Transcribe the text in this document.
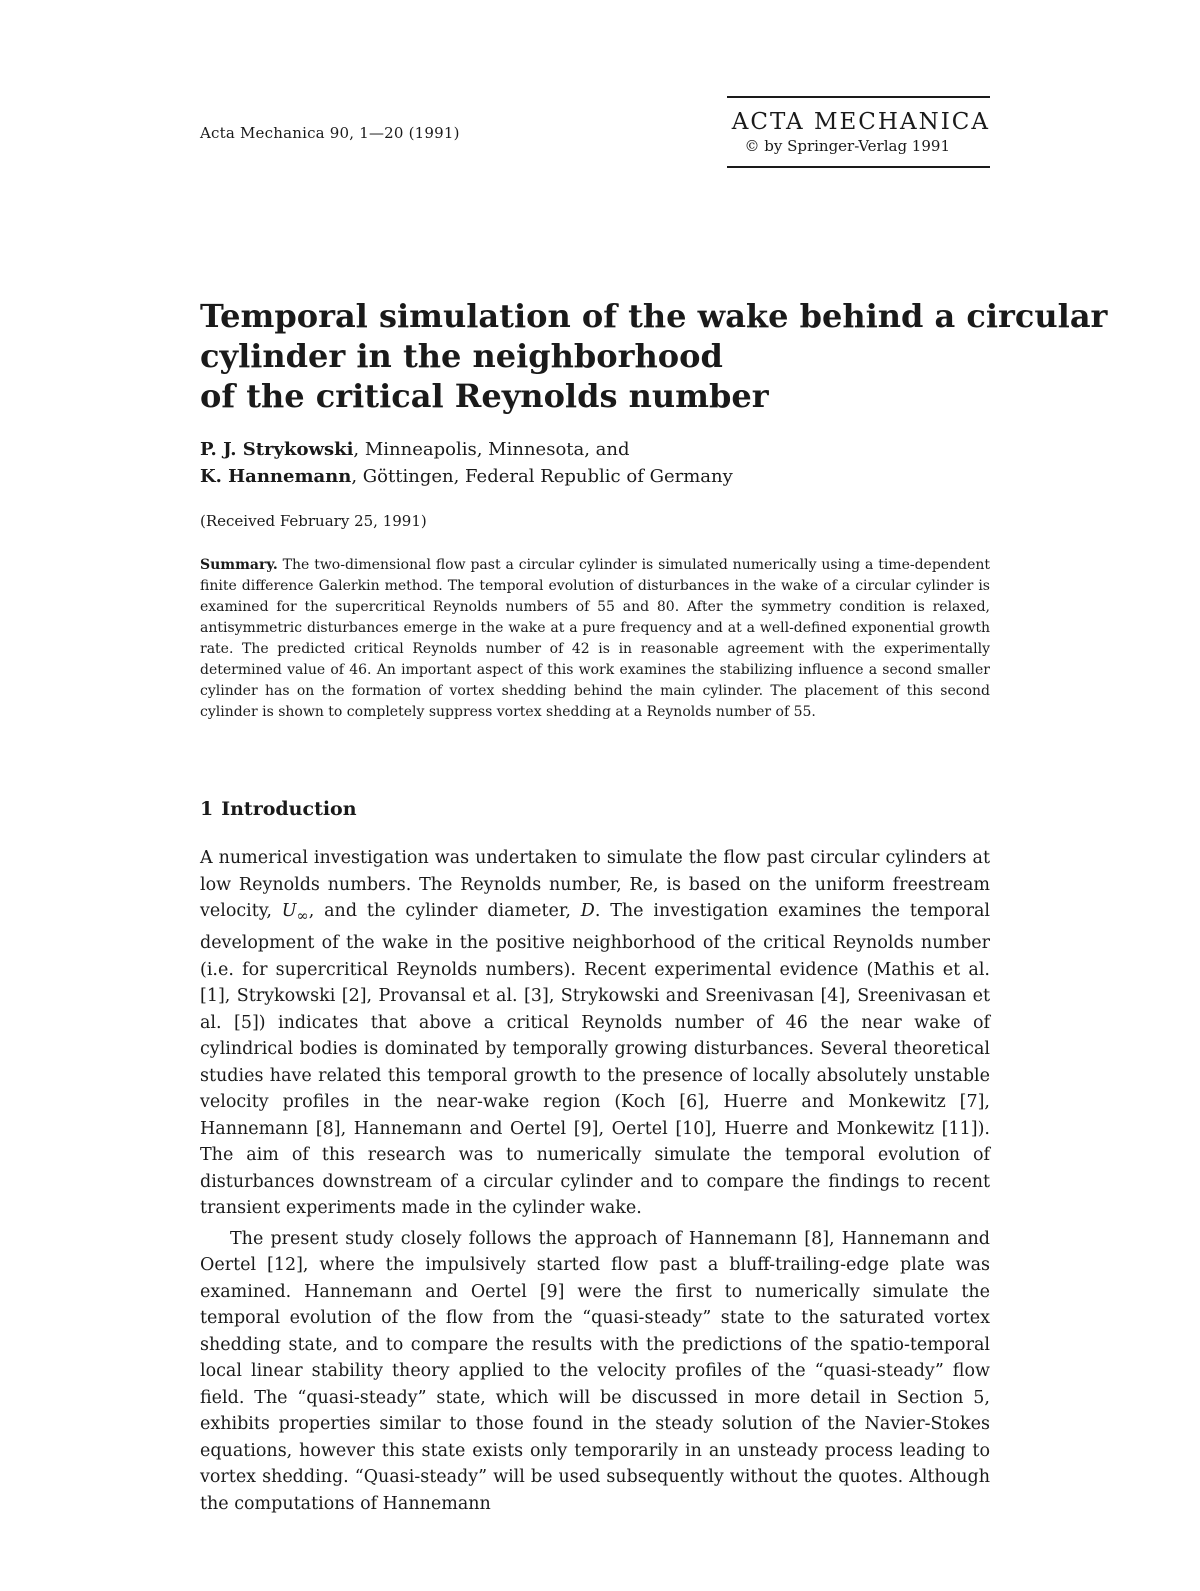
Acta Mechanica 90, 1—20 (1991)	ACTA MECHANICA
© by Springer-Verlag 1991
Temporal simulation of the wake behind a circular
cylinder in the neighborhood
of the critical Reynolds number
P. J. Strykowski, Minneapolis, Minnesota, and
K. Hannemann, Göttingen, Federal Republic of Germany
(Received February 25, 1991)

Summary. The two-dimensional flow past a circular cylinder is simulated numerically using a time-dependent finite difference Galerkin method. The temporal evolution of disturbances in the wake of a circular cylinder is examined for the supercritical Reynolds numbers of 55 and 80. After the symmetry condition is relaxed, antisymmetric disturbances emerge in the wake at a pure frequency and at a well-defined exponential growth rate. The predicted critical Reynolds number of 42 is in reasonable agreement with the experimentally determined value of 46. An important aspect of this work examines the stabilizing influence a second smaller cylinder has on the formation of vortex shedding behind the main cylinder. The placement of this second cylinder is shown to completely suppress vortex shedding at a Reynolds number of 55.

1 Introduction

A numerical investigation was undertaken to simulate the flow past circular cylinders at low Reynolds numbers. The Reynolds number, Re, is based on the uniform freestream velocity, $U_\infty$, and the cylinder diameter, D. The investigation examines the temporal development of the wake in the positive neighborhood of the critical Reynolds number (i.e. for supercritical Reynolds numbers). Recent experimental evidence (Mathis et al. [1], Strykowski [2], Provansal et al. [3], Strykowski and Sreenivasan [4], Sreenivasan et al. [5]) indicates that above a critical Reynolds number of 46 the near wake of cylindrical bodies is dominated by temporally growing disturbances. Several theoretical studies have related this temporal growth to the presence of locally absolutely unstable velocity profiles in the near-wake region (Koch [6], Huerre and Monkewitz [7], Hannemann [8], Hannemann and Oertel [9], Oertel [10], Huerre and Monkewitz [11]). The aim of this research was to numerically simulate the temporal evolution of disturbances downstream of a circular cylinder and to compare the findings to recent transient experiments made in the cylinder wake.

The present study closely follows the approach of Hannemann [8], Hannemann and Oertel [12], where the impulsively started flow past a bluff-trailing-edge plate was examined. Hannemann and Oertel [9] were the first to numerically simulate the temporal evolution of the flow from the “quasi-steady” state to the saturated vortex shedding state, and to compare the results with the predictions of the spatio-temporal local linear stability theory applied to the velocity profiles of the “quasi-steady” flow field. The “quasi-steady” state, which will be discussed in more detail in Section 5, exhibits properties similar to those found in the steady solution of the Navier-Stokes equations, however this state exists only temporarily in an unsteady process leading to vortex shedding. “Quasi-steady” will be used subsequently without the quotes. Although the computations of Hannemann
